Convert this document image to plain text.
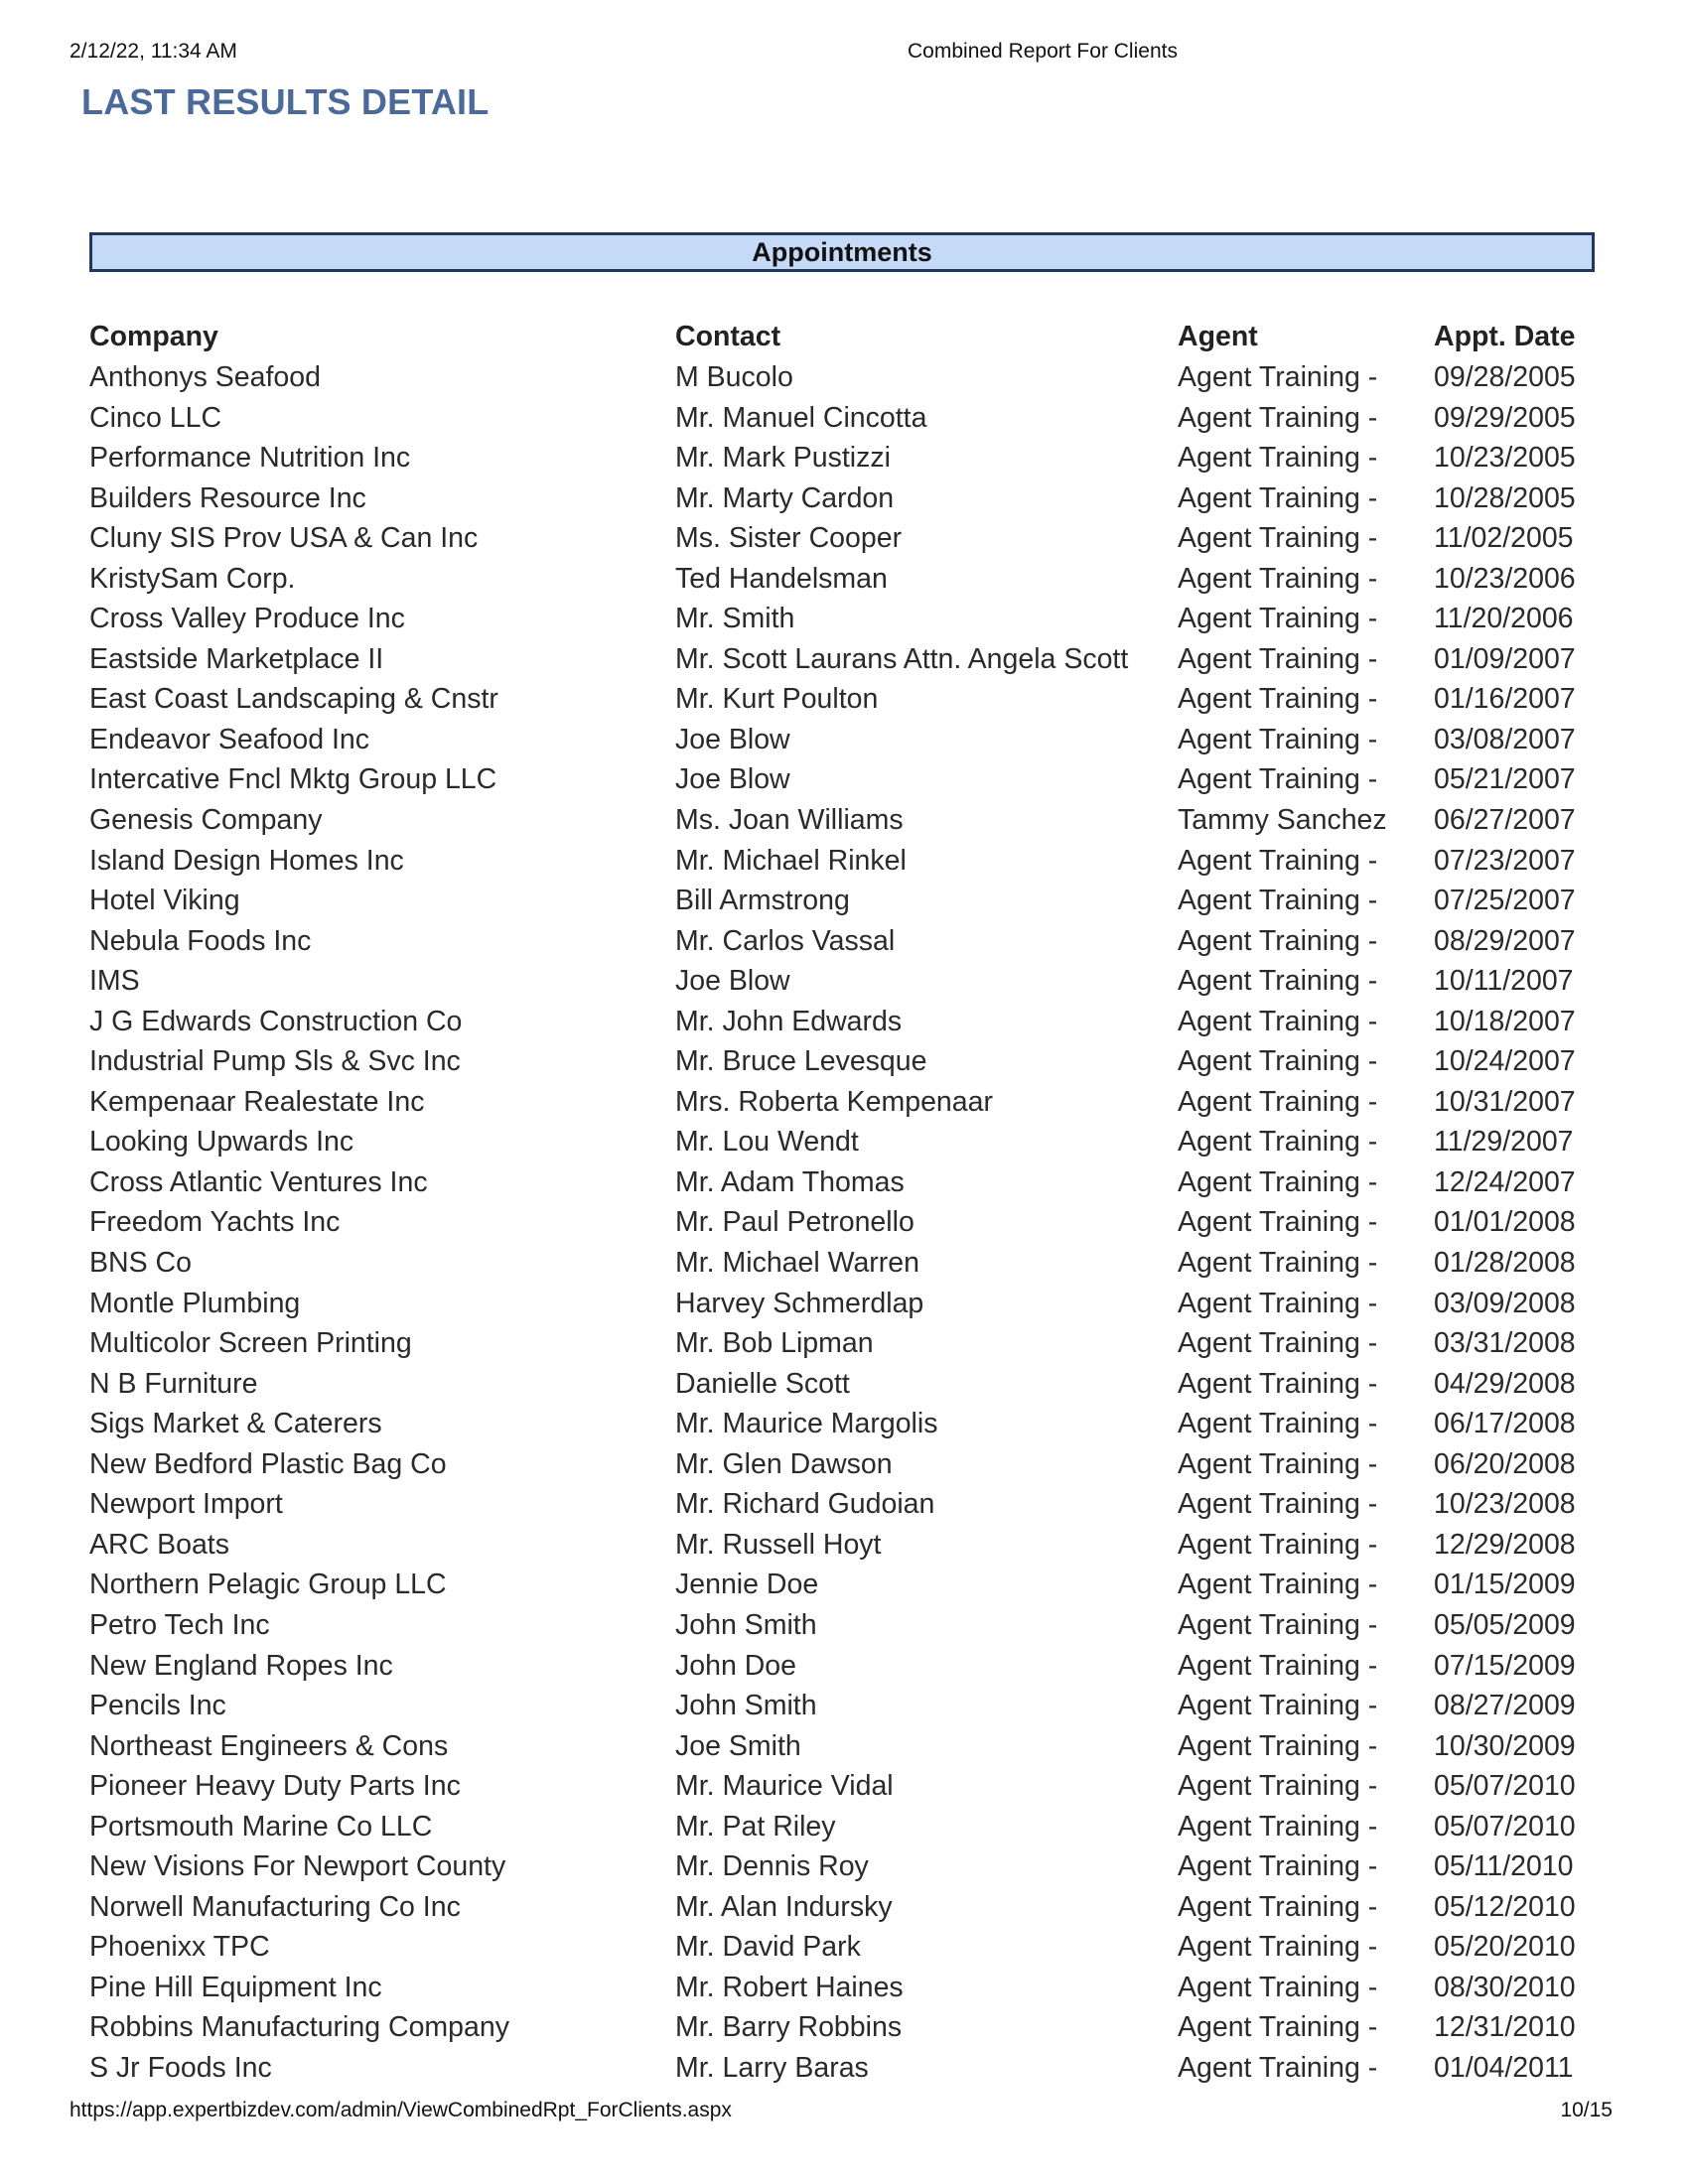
2/12/22, 11:34 AM	Combined Report For Clients
LAST RESULTS DETAIL
Appointments
Company	Contact	Agent	Appt. Date
Anthonys Seafood	M Bucolo	Agent Training -	09/28/2005
Cinco LLC	Mr. Manuel Cincotta	Agent Training -	09/29/2005
Performance Nutrition Inc	Mr. Mark Pustizzi	Agent Training -	10/23/2005
Builders Resource Inc	Mr. Marty Cardon	Agent Training -	10/28/2005
Cluny SIS Prov USA & Can Inc	Ms. Sister Cooper	Agent Training -	11/02/2005
KristySam Corp.	Ted Handelsman	Agent Training -	10/23/2006
Cross Valley Produce Inc	Mr. Smith	Agent Training -	11/20/2006
Eastside Marketplace II	Mr. Scott Laurans Attn. Angela Scott	Agent Training -	01/09/2007
East Coast Landscaping & Cnstr	Mr. Kurt Poulton	Agent Training -	01/16/2007
Endeavor Seafood Inc	Joe Blow	Agent Training -	03/08/2007
Intercative Fncl Mktg Group LLC	Joe Blow	Agent Training -	05/21/2007
Genesis Company	Ms. Joan Williams	Tammy Sanchez	06/27/2007
Island Design Homes Inc	Mr. Michael Rinkel	Agent Training -	07/23/2007
Hotel Viking	Bill Armstrong	Agent Training -	07/25/2007
Nebula Foods Inc	Mr. Carlos Vassal	Agent Training -	08/29/2007
IMS	Joe Blow	Agent Training -	10/11/2007
J G Edwards Construction Co	Mr. John Edwards	Agent Training -	10/18/2007
Industrial Pump Sls & Svc Inc	Mr. Bruce Levesque	Agent Training -	10/24/2007
Kempenaar Realestate Inc	Mrs. Roberta Kempenaar	Agent Training -	10/31/2007
Looking Upwards Inc	Mr. Lou Wendt	Agent Training -	11/29/2007
Cross Atlantic Ventures Inc	Mr. Adam Thomas	Agent Training -	12/24/2007
Freedom Yachts Inc	Mr. Paul Petronello	Agent Training -	01/01/2008
BNS Co	Mr. Michael Warren	Agent Training -	01/28/2008
Montle Plumbing	Harvey Schmerdlap	Agent Training -	03/09/2008
Multicolor Screen Printing	Mr. Bob Lipman	Agent Training -	03/31/2008
N B Furniture	Danielle Scott	Agent Training -	04/29/2008
Sigs Market & Caterers	Mr. Maurice Margolis	Agent Training -	06/17/2008
New Bedford Plastic Bag Co	Mr. Glen Dawson	Agent Training -	06/20/2008
Newport Import	Mr. Richard Gudoian	Agent Training -	10/23/2008
ARC Boats	Mr. Russell Hoyt	Agent Training -	12/29/2008
Northern Pelagic Group LLC	Jennie Doe	Agent Training -	01/15/2009
Petro Tech Inc	John Smith	Agent Training -	05/05/2009
New England Ropes Inc	John Doe	Agent Training -	07/15/2009
Pencils Inc	John Smith	Agent Training -	08/27/2009
Northeast Engineers & Cons	Joe Smith	Agent Training -	10/30/2009
Pioneer Heavy Duty Parts Inc	Mr. Maurice Vidal	Agent Training -	05/07/2010
Portsmouth Marine Co LLC	Mr. Pat Riley	Agent Training -	05/07/2010
New Visions For Newport County	Mr. Dennis Roy	Agent Training -	05/11/2010
Norwell Manufacturing Co Inc	Mr. Alan Indursky	Agent Training -	05/12/2010
Phoenixx TPC	Mr. David Park	Agent Training -	05/20/2010
Pine Hill Equipment Inc	Mr. Robert Haines	Agent Training -	08/30/2010
Robbins Manufacturing Company	Mr. Barry Robbins	Agent Training -	12/31/2010
S Jr Foods Inc	Mr. Larry Baras	Agent Training -	01/04/2011
https://app.expertbizdev.com/admin/ViewCombinedRpt_ForClients.aspx	10/15
